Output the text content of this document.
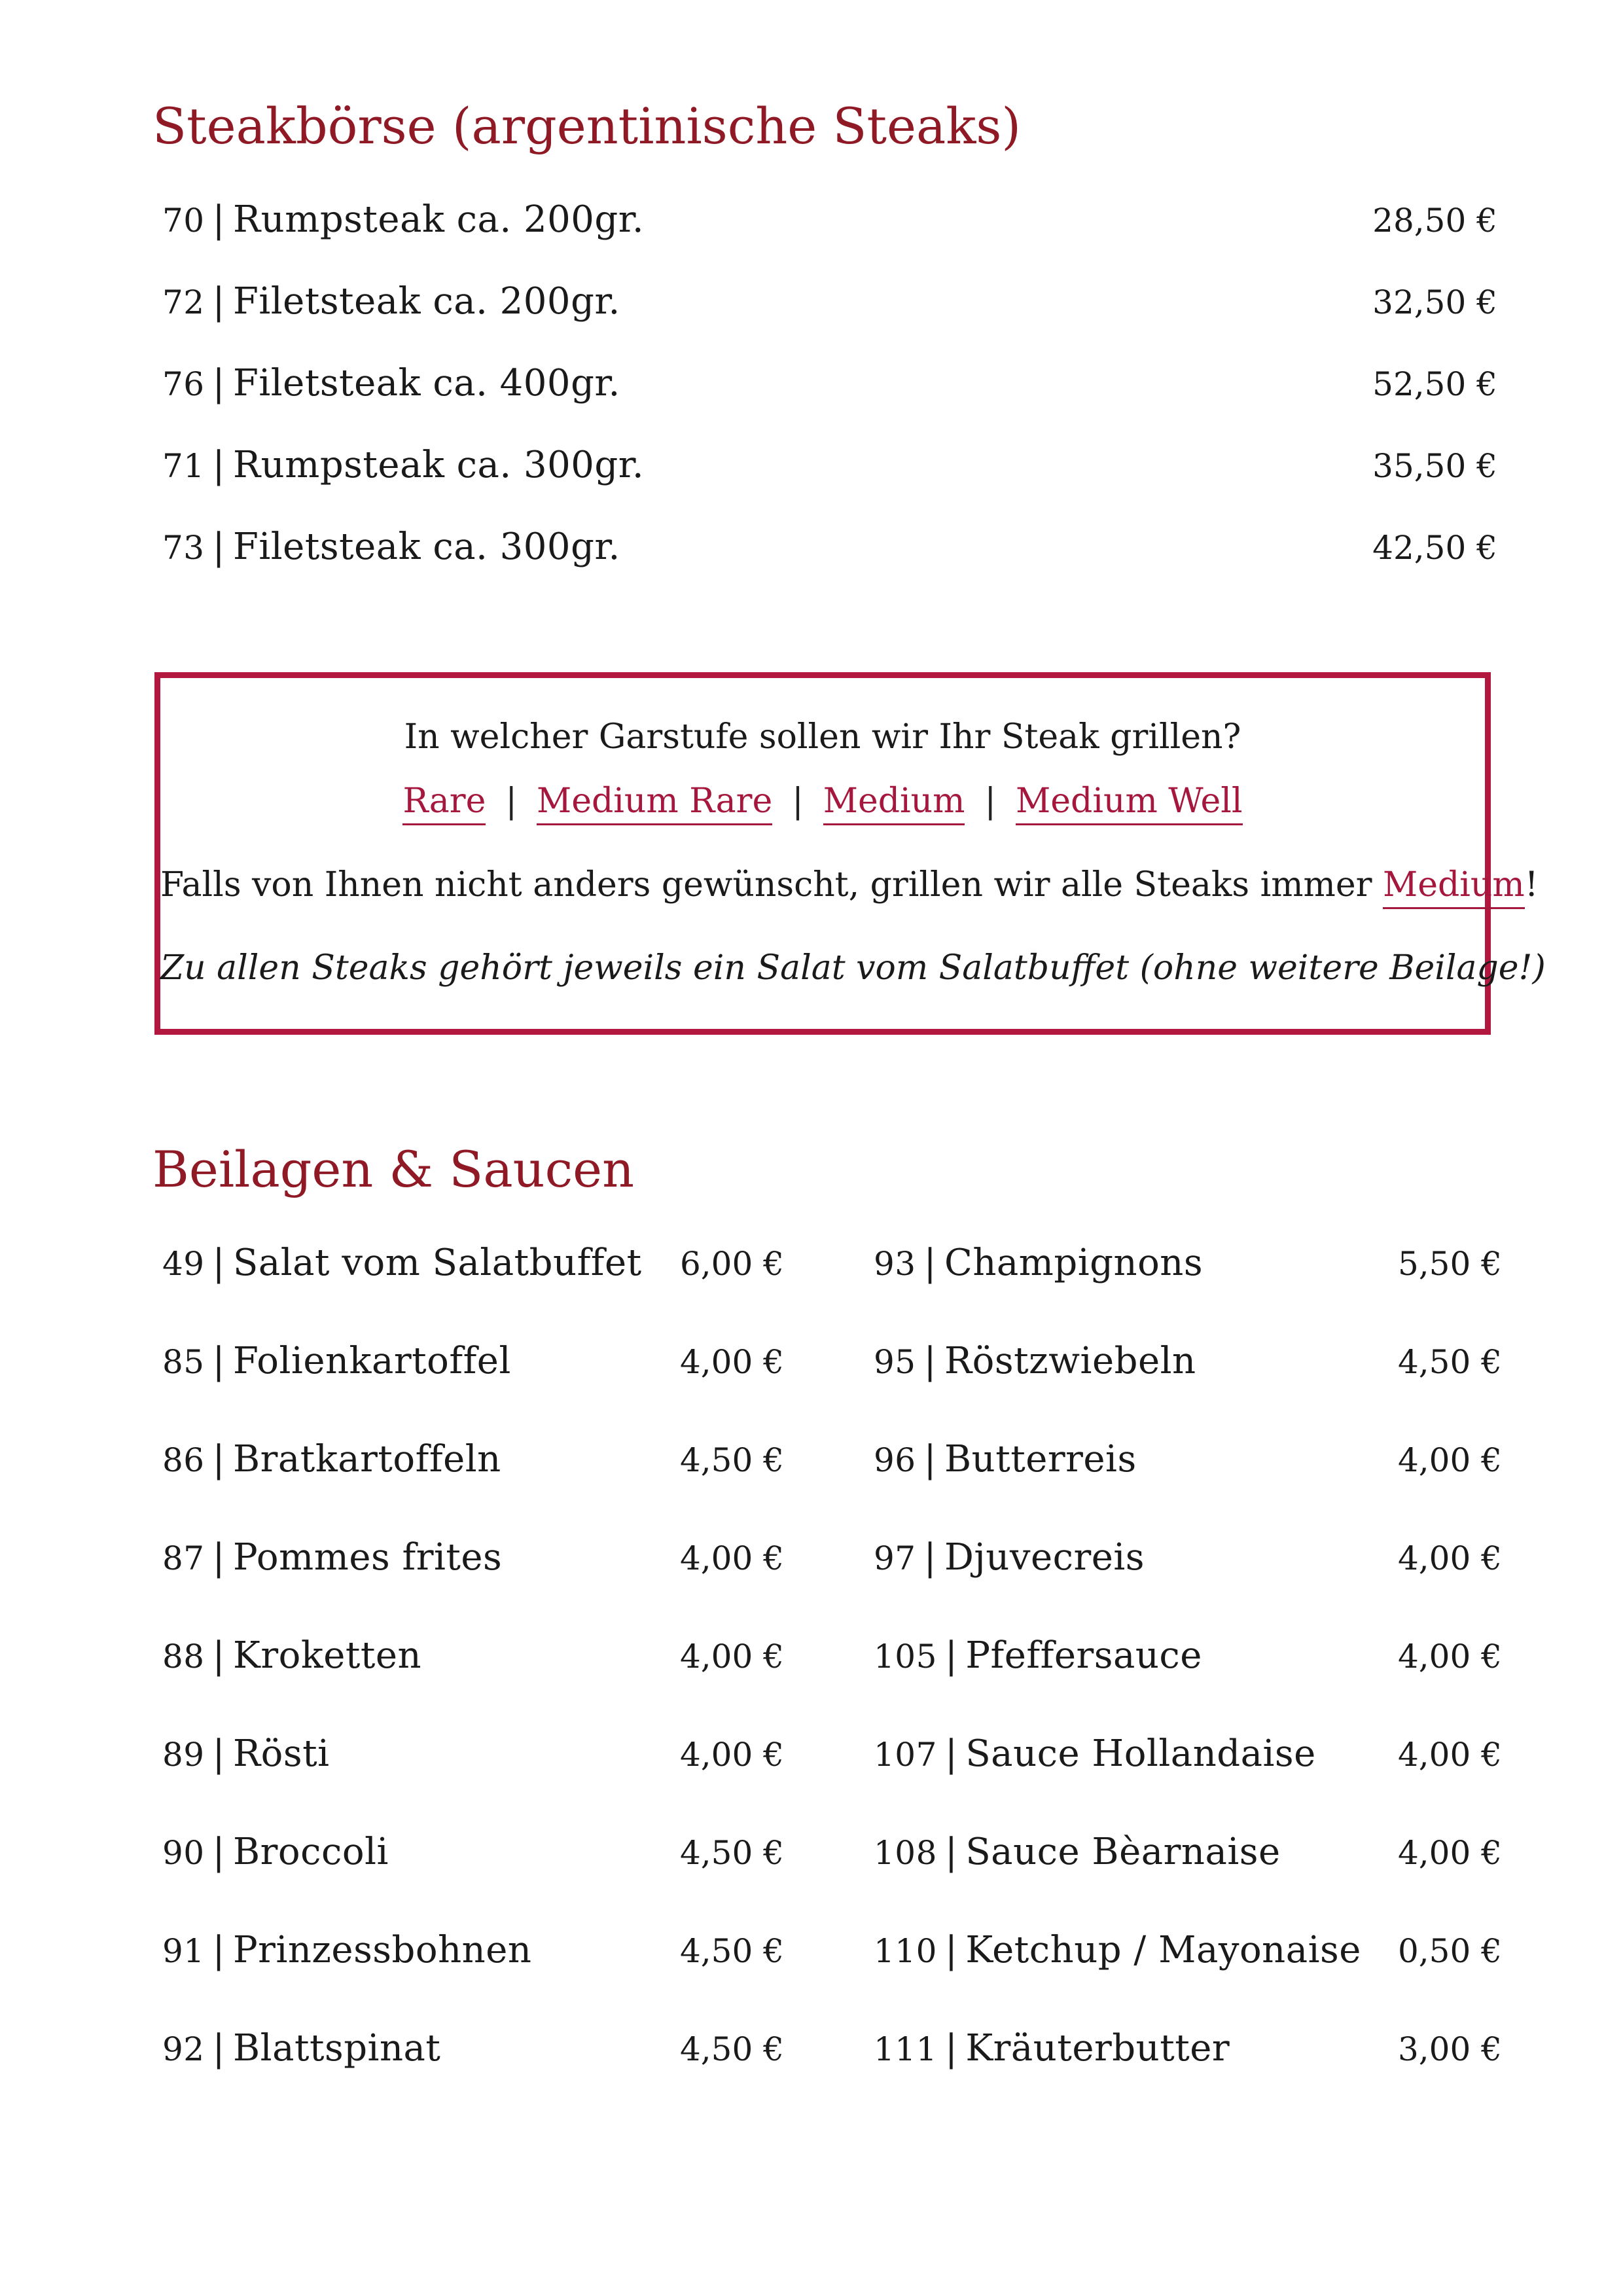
Steakbörse (argentinische Steaks)
70 | Rumpsteak ca. 200gr.	28,50 €
72 | Filetsteak ca. 200gr.	32,50 €
76 | Filetsteak ca. 400gr.	52,50 €
71 | Rumpsteak ca. 300gr.	35,50 €
73 | Filetsteak ca. 300gr.	42,50 €
In welcher Garstufe sollen wir Ihr Steak grillen?
Rare | Medium Rare | Medium | Medium Well
Falls von Ihnen nicht anders gewünscht, grillen wir alle Steaks immer Medium!
Zu allen Steaks gehört jeweils ein Salat vom Salatbuffet (ohne weitere Beilage!)
Beilagen & Saucen
49 | Salat vom Salatbuffet 6,00 €
85 | Folienkartoffel	4,00 €
86 | Bratkartoffeln	4,50 €
87 | Pommes frites	4,00 €
88 | Kroketten	4,00 €
89 | Rösti	4,00 €
90 | Broccoli	4,50 €
91 | Prinzessbohnen	4,50 €
92 | Blattspinat	4,50 €
93 | Champignons	5,50 €
95 | Röstzwiebeln	4,50 €
96 | Butterreis	4,00 €
97 | Djuvecreis	4,00 €
105 | Pfeffersauce	4,00 €
107 | Sauce Hollandaise	4,00 €
108 | Sauce Bèarnaise	4,00 €
110 | Ketchup / Mayonaise 0,50 €
111 | Kräuterbutter	3,00 €
